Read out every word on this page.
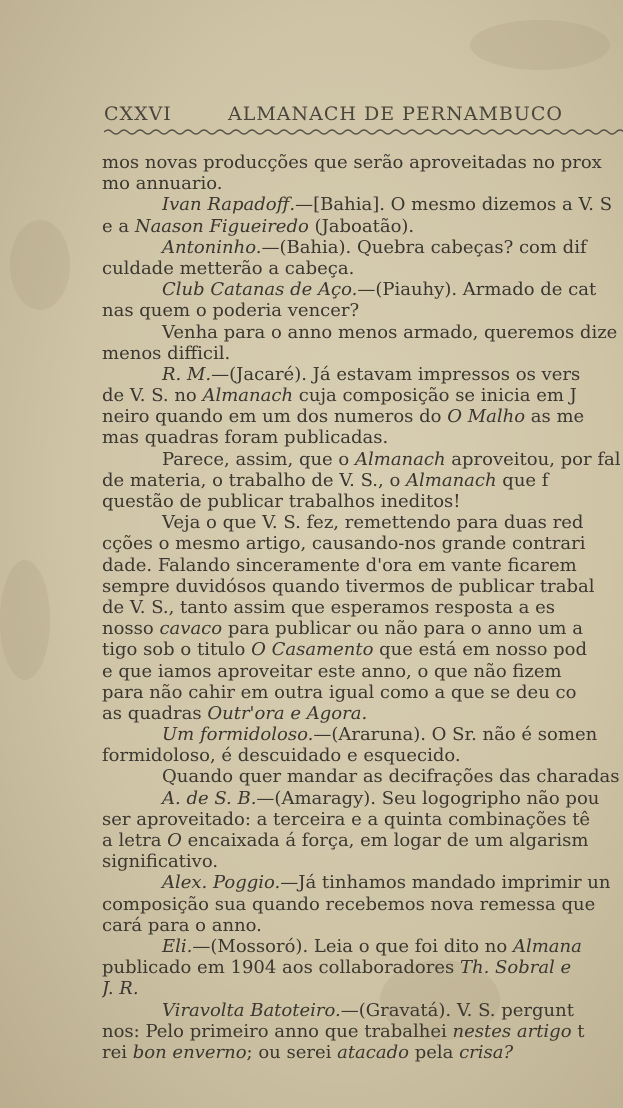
CXXVI	ALMANACH DE PERNAMBUCO
mos novas producções que serão aproveitadas no prox
mo annuario.
Ivan Rapadoff.—[Bahia]. O mesmo dizemos a V. S
e a Naason Figueiredo (Jaboatão).
Antoninho.—(Bahia). Quebra cabeças? com dif
culdade metterão a cabeça.
Club Catanas de Aço.—(Piauhy). Armado de cat
nas quem o poderia vencer?
Venha para o anno menos armado, queremos dize
menos difficil.
R. M.—(Jacaré). Já estavam impressos os vers
de V. S. no Almanach cuja composição se inicia em J
neiro quando em um dos numeros do O Malho as me
mas quadras foram publicadas.
Parece, assim, que o Almanach aproveitou, por fal
de materia, o trabalho de V. S., o Almanach que f
questão de publicar trabalhos ineditos!
Veja o que V. S. fez, remettendo para duas red
cções o mesmo artigo, causando-nos grande contrari
dade. Falando sinceramente d'ora em vante ficarem
sempre duvidósos quando tivermos de publicar trabal
de V. S., tanto assim que esperamos resposta a es
nosso cavaco para publicar ou não para o anno um a
tigo sob o titulo O Casamento que está em nosso pod
e que iamos aproveitar este anno, o que não fizem
para não cahir em outra igual como a que se deu co
as quadras Outr'ora e Agora.
Um formidoloso.—(Araruna). O Sr. não é somen
formidoloso, é descuidado e esquecido.
Quando quer mandar as decifrações das charadas
A. de S. B.—(Amaragy). Seu logogripho não pou
ser aproveitado: a terceira e a quinta combinações tê
a letra O encaixada á força, em logar de um algarism
significativo.
Alex. Poggio.—Já tinhamos mandado imprimir un
composição sua quando recebemos nova remessa que
cará para o anno.
Eli.—(Mossoró). Leia o que foi dito no Almana
publicado em 1904 aos collaboradores Th. Sobral e
J. R.
Viravolta Batoteiro.—(Gravatá). V. S. pergunt
nos: Pelo primeiro anno que trabalhei nestes artigo t
rei bon enverno; ou serei atacado pela crisa?
